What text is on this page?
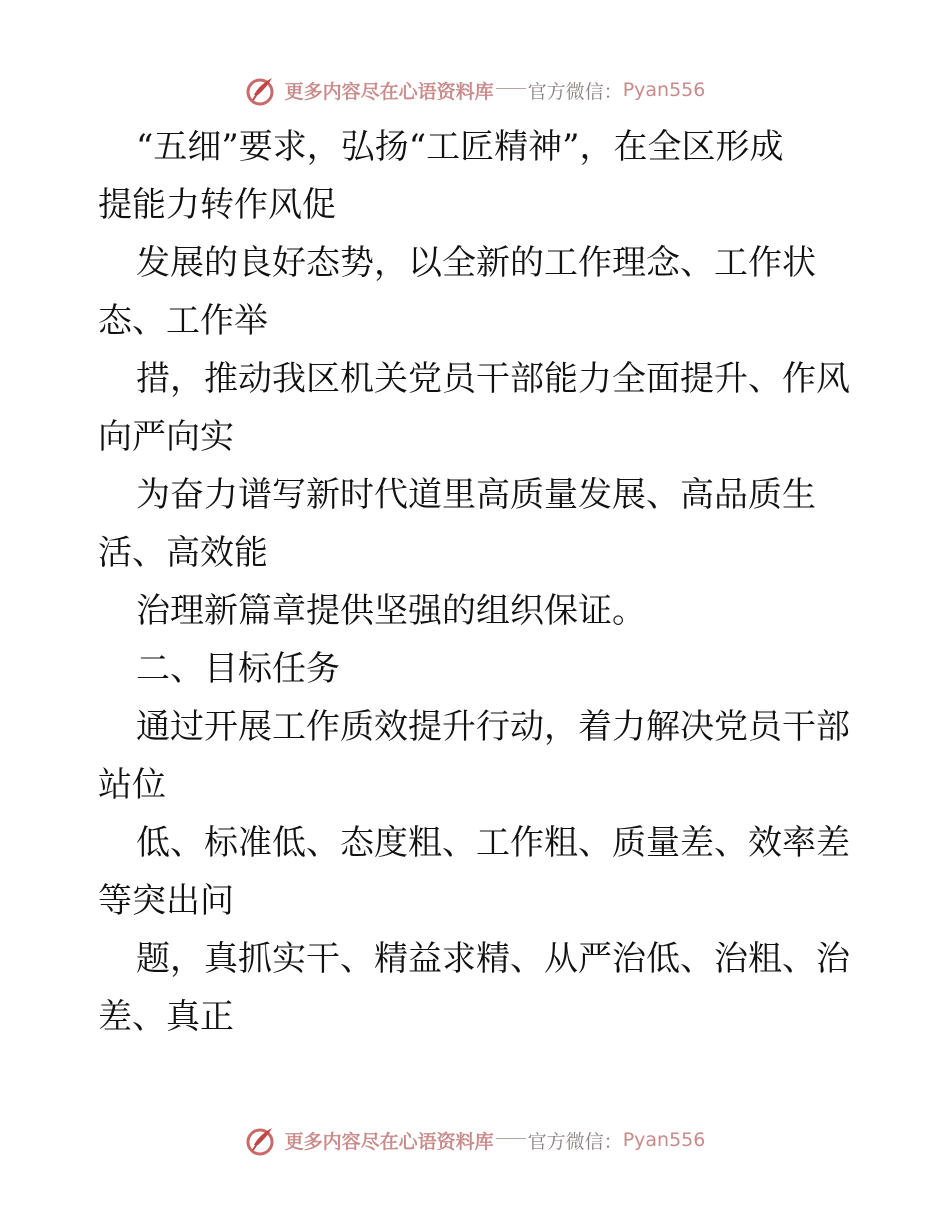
更多内容尽在心语资料库 官方微信： Pyan556
“五细”要求，弘扬“工匠精神”，在全区形成
提能力转作风促
发展的良好态势，以全新的工作理念、工作状
态、工作举
措，推动我区机关党员干部能力全面提升、作风
向严向实
为奋力谱写新时代道里高质量发展、高品质生
活、高效能
治理新篇章提供坚强的组织保证。
二、目标任务
通过开展工作质效提升行动，着力解决党员干部
站位
低、标准低、态度粗、工作粗、质量差、效率差
等突出问
题，真抓实干、精益求精、从严治低、治粗、治
差、真正
更多内容尽在心语资料库 官方微信： Pyan556
